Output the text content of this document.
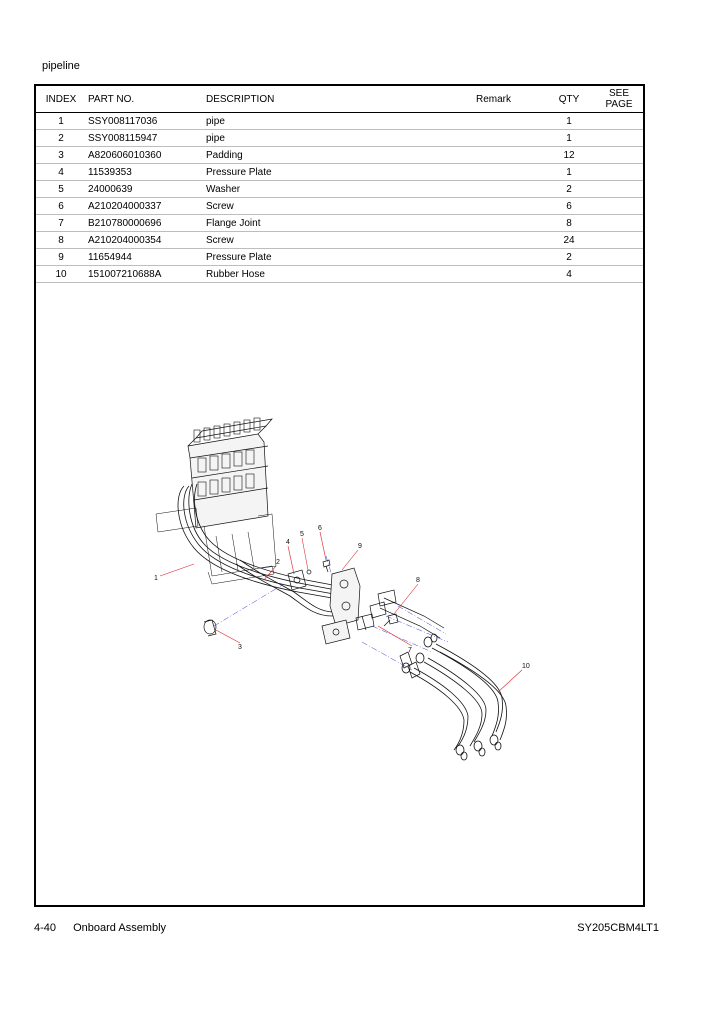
pipeline
INDEX	PART NO.	DESCRIPTION	Remark	QTY	SEE
PAGE
1	SSY008117036	pipe		1	
2	SSY008115947	pipe		1	
3	A820606010360	Padding		12	
4	11539353	Pressure Plate		1	
5	24000639	Washer		2	
6	A210204000337	Screw		6	
7	B210780000696	Flange Joint		8	
8	A210204000354	Screw		24	
9	11654944	Pressure Plate		2	
10	151007210688A	Rubber Hose		4	
1
2
3
4
5
6
7
8
9
10
4-40 Onboard Assembly	SY205CBM4LT1
